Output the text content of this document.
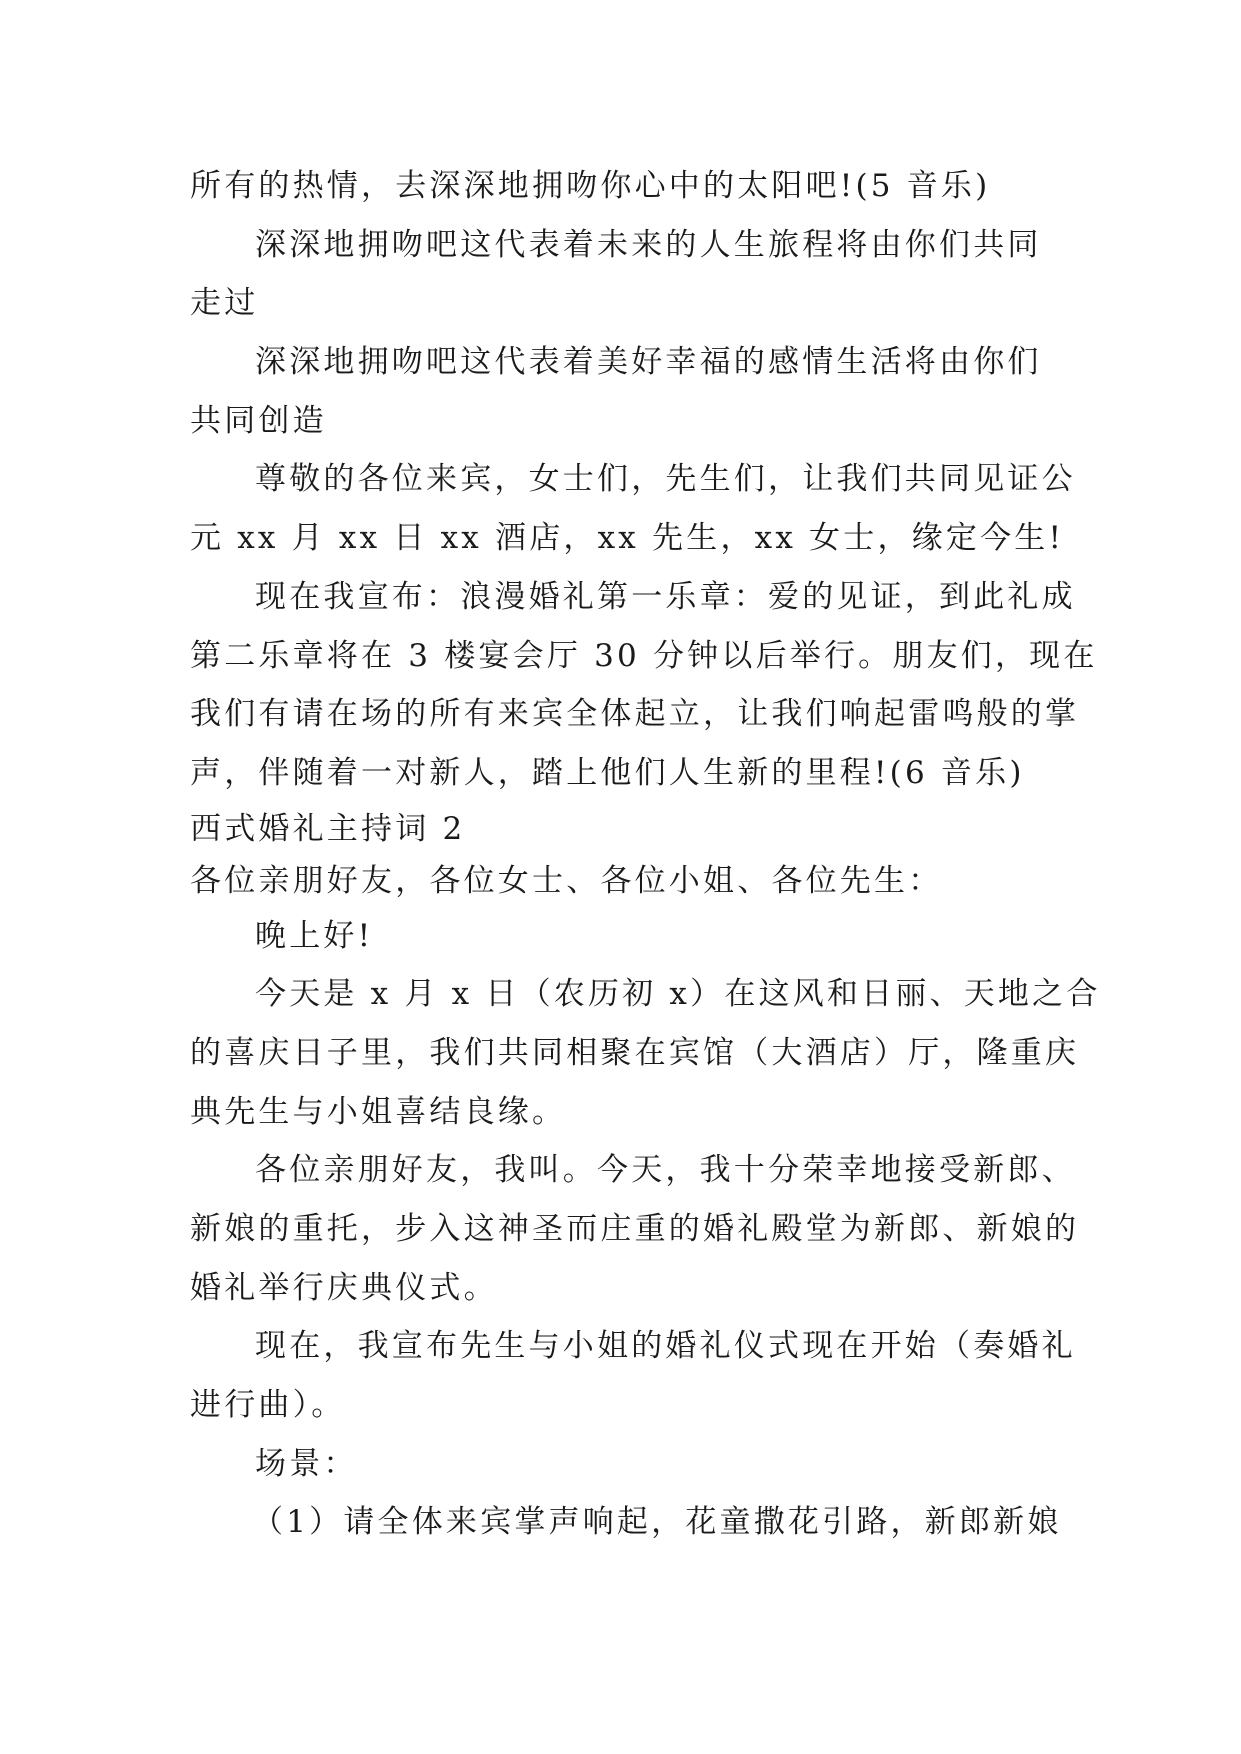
所有的热情，去深深地拥吻你心中的太阳吧!(5 音乐)
深深地拥吻吧这代表着未来的人生旅程将由你们共同
走过
深深地拥吻吧这代表着美好幸福的感情生活将由你们
共同创造
尊敬的各位来宾，女士们，先生们，让我们共同见证公
元 xx 月 xx 日 xx 酒店，xx 先生，xx 女士，缘定今生!
现在我宣布：浪漫婚礼第一乐章：爱的见证，到此礼成
第二乐章将在 3 楼宴会厅 30 分钟以后举行。朋友们，现在
我们有请在场的所有来宾全体起立，让我们响起雷鸣般的掌
声，伴随着一对新人，踏上他们人生新的里程!(6 音乐)
西式婚礼主持词 2
各位亲朋好友，各位女士、各位小姐、各位先生：
晚上好!
今天是 x 月 x 日（农历初 x）在这风和日丽、天地之合
的喜庆日子里，我们共同相聚在宾馆（大酒店）厅，隆重庆
典先生与小姐喜结良缘。
各位亲朋好友，我叫。今天，我十分荣幸地接受新郎、
新娘的重托，步入这神圣而庄重的婚礼殿堂为新郎、新娘的
婚礼举行庆典仪式。
现在，我宣布先生与小姐的婚礼仪式现在开始（奏婚礼
进行曲）。
场景：
（1）请全体来宾掌声响起，花童撒花引路，新郎新娘
